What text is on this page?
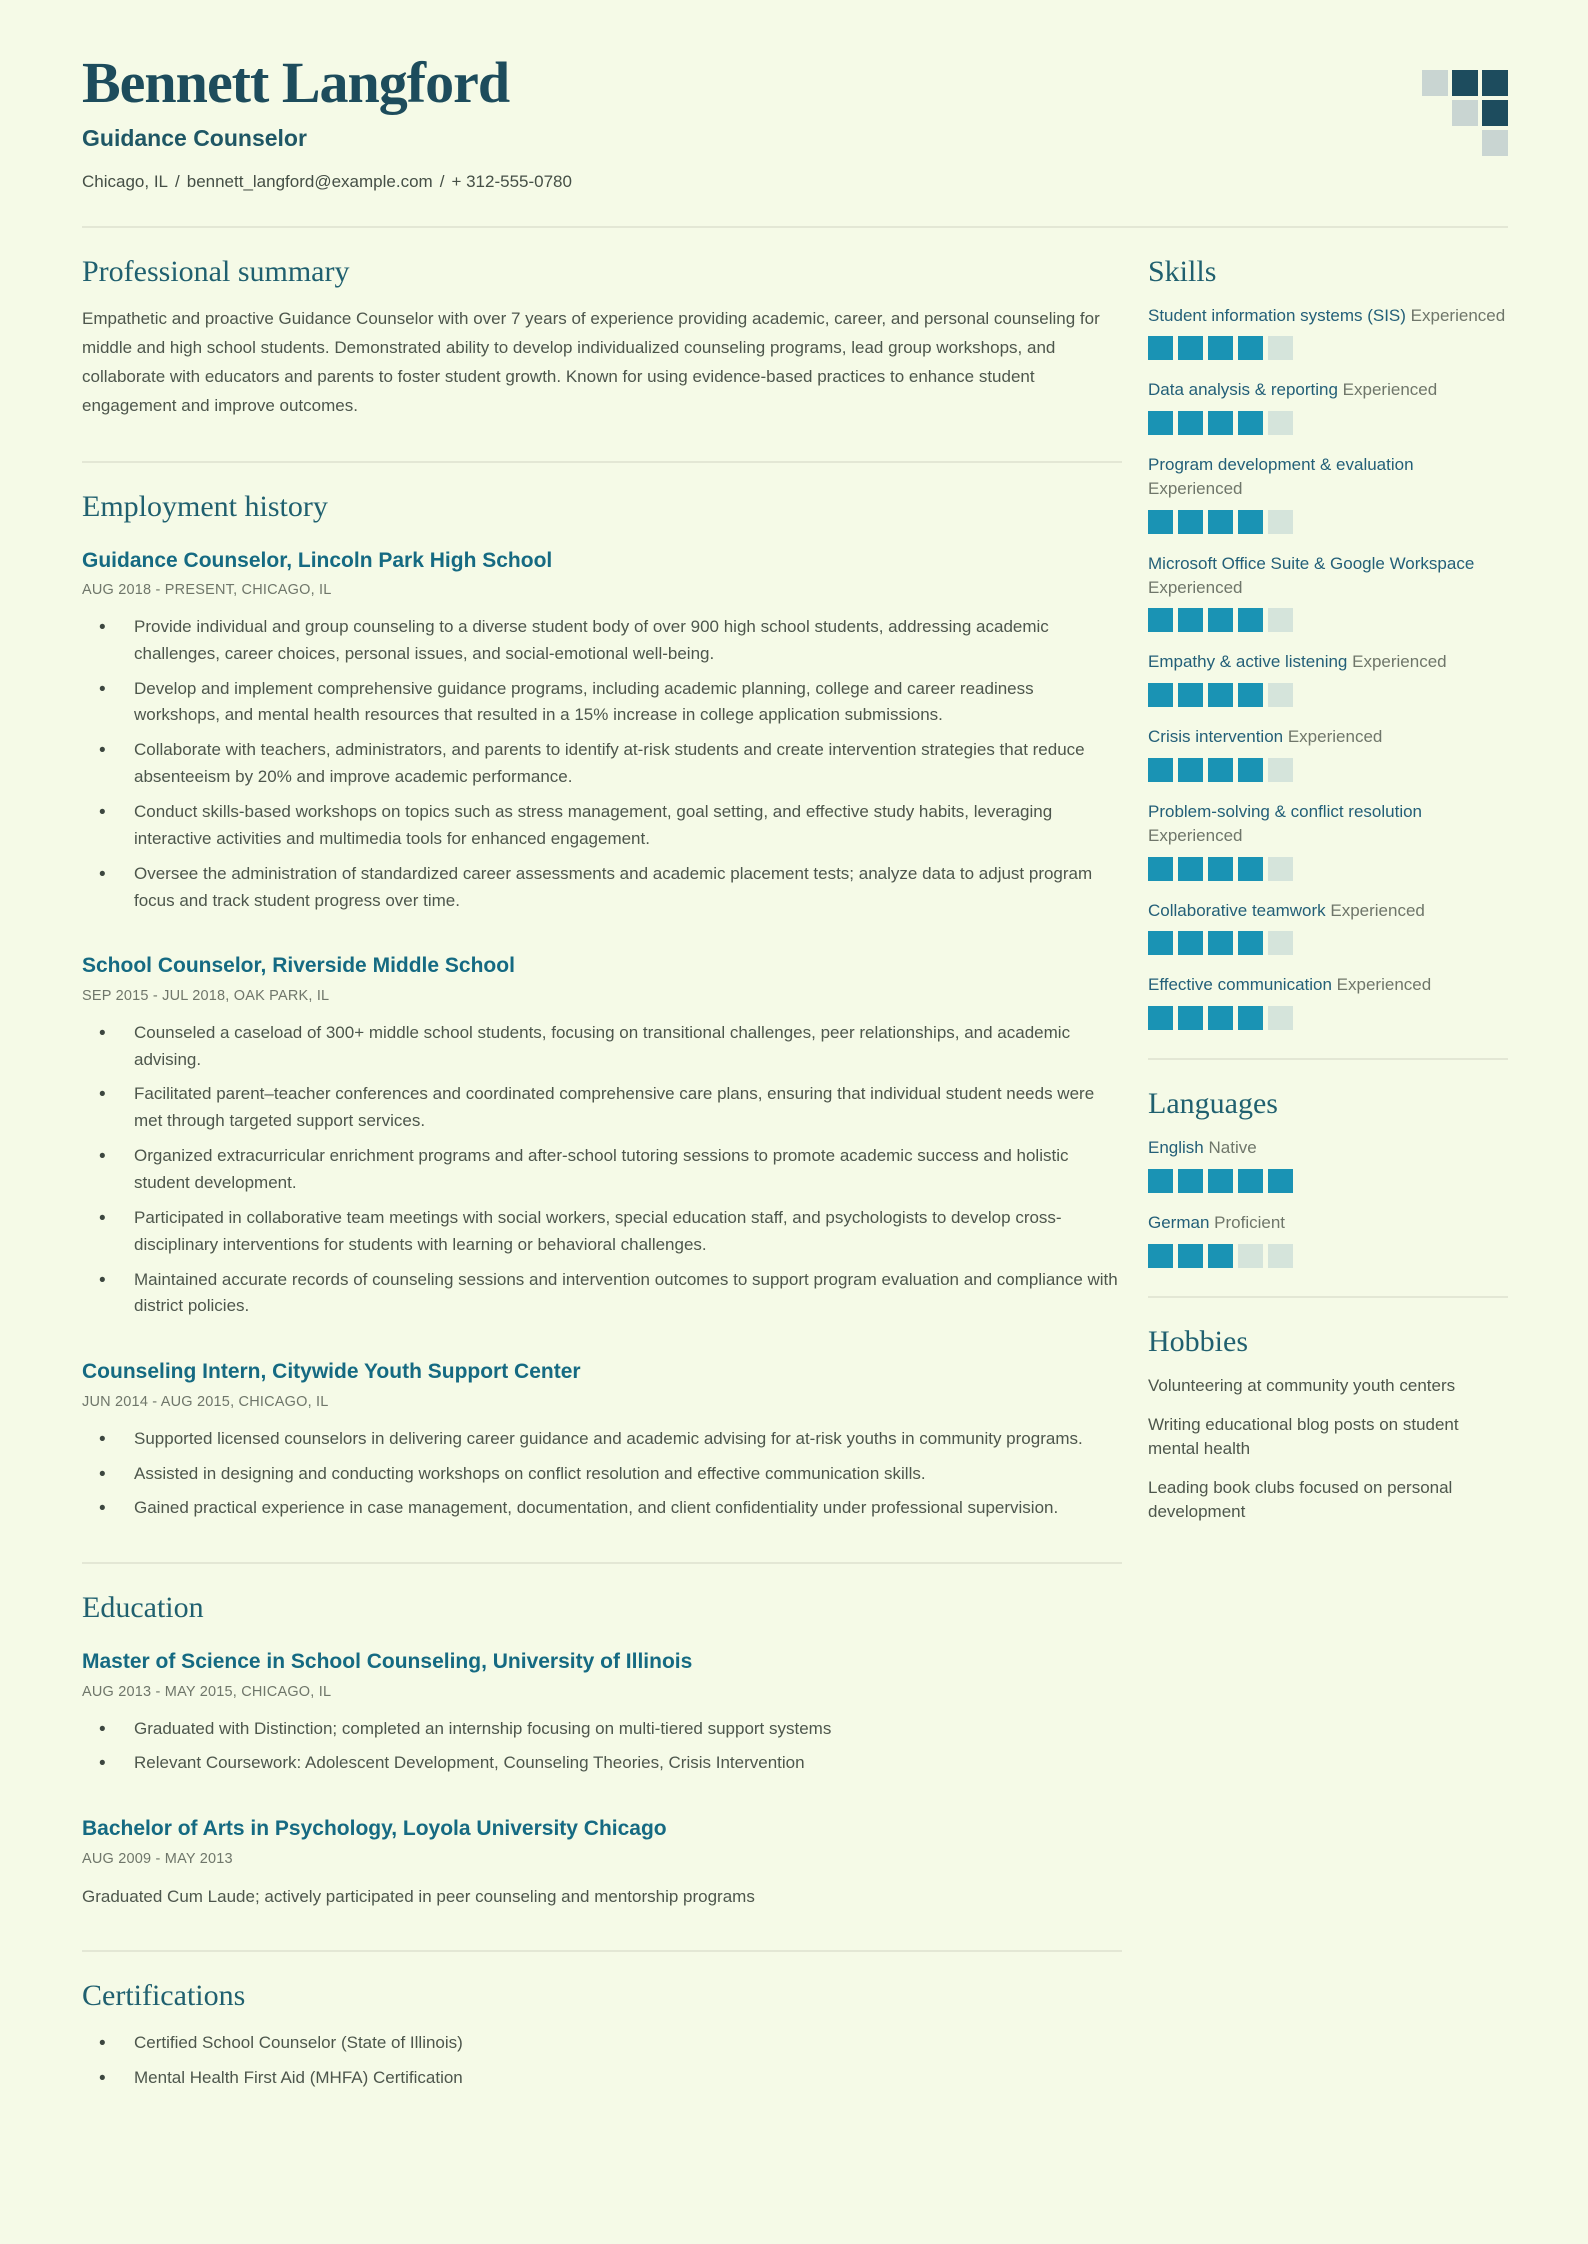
Bennett Langford
Guidance Counselor
Chicago, IL / bennett_langford@example.com / + 312-555-0780
Professional summary

Empathetic and proactive Guidance Counselor with over 7 years of experience providing academic, career, and personal counseling for middle and high school students. Demonstrated ability to develop individualized counseling programs, lead group workshops, and collaborate with educators and parents to foster student growth. Known for using evidence-based practices to enhance student engagement and improve outcomes.

Employment history
Guidance Counselor, Lincoln Park High School
AUG 2018 - PRESENT, CHICAGO, IL
• Provide individual and group counseling to a diverse student body of over 900 high school students, addressing academic challenges, career choices, personal issues, and social-emotional well-being.
• Develop and implement comprehensive guidance programs, including academic planning, college and career readiness workshops, and mental health resources that resulted in a 15% increase in college application submissions.
• Collaborate with teachers, administrators, and parents to identify at-risk students and create intervention strategies that reduce absenteeism by 20% and improve academic performance.
• Conduct skills-based workshops on topics such as stress management, goal setting, and effective study habits, leveraging interactive activities and multimedia tools for enhanced engagement.
• Oversee the administration of standardized career assessments and academic placement tests; analyze data to adjust program focus and track student progress over time.
School Counselor, Riverside Middle School
SEP 2015 - JUL 2018, OAK PARK, IL
• Counseled a caseload of 300+ middle school students, focusing on transitional challenges, peer relationships, and academic advising.
• Facilitated parent–teacher conferences and coordinated comprehensive care plans, ensuring that individual student needs were met through targeted support services.
• Organized extracurricular enrichment programs and after-school tutoring sessions to promote academic success and holistic student development.
• Participated in collaborative team meetings with social workers, special education staff, and psychologists to develop cross-disciplinary interventions for students with learning or behavioral challenges.
• Maintained accurate records of counseling sessions and intervention outcomes to support program evaluation and compliance with district policies.
Counseling Intern, Citywide Youth Support Center
JUN 2014 - AUG 2015, CHICAGO, IL
• Supported licensed counselors in delivering career guidance and academic advising for at-risk youths in community programs.
• Assisted in designing and conducting workshops on conflict resolution and effective communication skills.
• Gained practical experience in case management, documentation, and client confidentiality under professional supervision.
Education
Master of Science in School Counseling, University of Illinois
AUG 2013 - MAY 2015, CHICAGO, IL
• Graduated with Distinction; completed an internship focusing on multi-tiered support systems
• Relevant Coursework: Adolescent Development, Counseling Theories, Crisis Intervention
Bachelor of Arts in Psychology, Loyola University Chicago
AUG 2009 - MAY 2013

Graduated Cum Laude; actively participated in peer counseling and mentorship programs

Certifications
• Certified School Counselor (State of Illinois)
• Mental Health First Aid (MHFA) Certification
Skills
Student information systems (SIS) Experienced
Data analysis & reporting Experienced
Program development & evaluation Experienced
Microsoft Office Suite & Google Workspace Experienced
Empathy & active listening Experienced
Crisis intervention Experienced
Problem-solving & conflict resolution Experienced
Collaborative teamwork Experienced
Effective communication Experienced
Languages
English Native
German Proficient
Hobbies

Volunteering at community youth centers

Writing educational blog posts on student mental health

Leading book clubs focused on personal development
